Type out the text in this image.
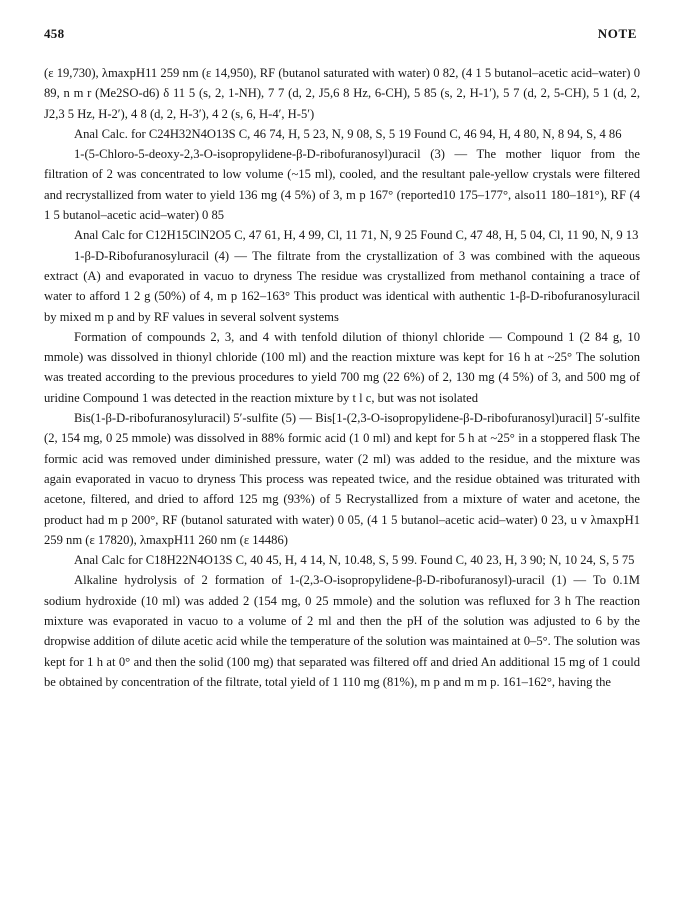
458	NOTE

(ε 19,730), λmaxpH11 259 nm (ε 14,950), RF (butanol saturated with water) 0 82, (4 1 5 butanol–acetic acid–water) 0 89, n m r (Me2SO-d6) δ 11 5 (s, 2, 1-NH), 7 7 (d, 2, J5,6 8 Hz, 6-CH), 5 85 (s, 2, H-1′), 5 7 (d, 2, 5-CH), 5 1 (d, 2, J2,3 5 Hz, H-2′), 4 8 (d, 2, H-3′), 4 2 (s, 6, H-4′, H-5′)

Anal Calc. for C24H32N4O13S C, 46 74, H, 5 23, N, 9 08, S, 5 19 Found C, 46 94, H, 4 80, N, 8 94, S, 4 86

1-(5-Chloro-5-deoxy-2,3-O-isopropylidene-β-D-ribofuranosyl)uracil (3) — The mother liquor from the filtration of 2 was concentrated to low volume (~15 ml), cooled, and the resultant pale-yellow crystals were filtered and recrystallized from water to yield 136 mg (4 5%) of 3, m p 167° (reported10 175–177°, also11 180–181°), RF (4 1 5 butanol–acetic acid–water) 0 85

Anal Calc for C12H15ClN2O5 C, 47 61, H, 4 99, Cl, 11 71, N, 9 25 Found C, 47 48, H, 5 04, Cl, 11 90, N, 9 13

1-β-D-Ribofuranosyluracil (4) — The filtrate from the crystallization of 3 was combined with the aqueous extract (A) and evaporated in vacuo to dryness The residue was crystallized from methanol containing a trace of water to afford 1 2 g (50%) of 4, m p 162–163° This product was identical with authentic 1-β-D-ribofuranosyluracil by mixed m p and by RF values in several solvent systems

Formation of compounds 2, 3, and 4 with tenfold dilution of thionyl chloride — Compound 1 (2 84 g, 10 mmole) was dissolved in thionyl chloride (100 ml) and the reaction mixture was kept for 16 h at ~25° The solution was treated according to the previous procedures to yield 700 mg (22 6%) of 2, 130 mg (4 5%) of 3, and 500 mg of uridine Compound 1 was detected in the reaction mixture by t l c, but was not isolated

Bis(1-β-D-ribofuranosyluracil) 5′-sulfite (5) — Bis[1-(2,3-O-isopropylidene-β-D-ribofuranosyl)uracil] 5′-sulfite (2, 154 mg, 0 25 mmole) was dissolved in 88% formic acid (1 0 ml) and kept for 5 h at ~25° in a stoppered flask The formic acid was removed under diminished pressure, water (2 ml) was added to the residue, and the mixture was again evaporated in vacuo to dryness This process was repeated twice, and the residue obtained was triturated with acetone, filtered, and dried to afford 125 mg (93%) of 5 Recrystallized from a mixture of water and acetone, the product had m p 200°, RF (butanol saturated with water) 0 05, (4 1 5 butanol–acetic acid–water) 0 23, u v λmaxpH1 259 nm (ε 17820), λmaxpH11 260 nm (ε 14486)

Anal Calc for C18H22N4O13S C, 40 45, H, 4 14, N, 10.48, S, 5 99. Found C, 40 23, H, 3 90; N, 10 24, S, 5 75

Alkaline hydrolysis of 2 formation of 1-(2,3-O-isopropylidene-β-D-ribofuranosyl)-uracil (1) — To 0.1M sodium hydroxide (10 ml) was added 2 (154 mg, 0 25 mmole) and the solution was refluxed for 3 h The reaction mixture was evaporated in vacuo to a volume of 2 ml and then the pH of the solution was adjusted to 6 by the dropwise addition of dilute acetic acid while the temperature of the solution was maintained at 0–5°. The solution was kept for 1 h at 0° and then the solid (100 mg) that separated was filtered off and dried An additional 15 mg of 1 could be obtained by concentration of the filtrate, total yield of 1 110 mg (81%), m p and m m p. 161–162°, having the
